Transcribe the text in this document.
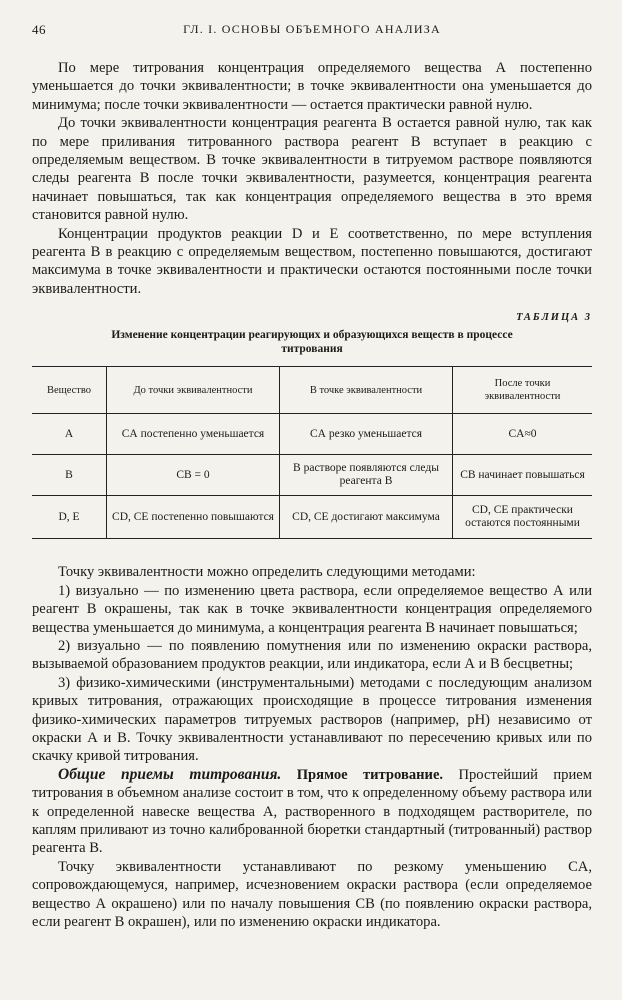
46	ГЛ. I. ОСНОВЫ ОБЪЕМНОГО АНАЛИЗА

По мере титрования концентрация определяемого вещества А постепенно уменьшается до точки эквивалентности; в точке эквивалентности она уменьшается до минимума; после точки эквивалентности — остается практически равной нулю.

До точки эквивалентности концентрация реагента В остается равной нулю, так как по мере приливания титрованного раствора реагент В вступает в реакцию с определяемым веществом. В точке эквивалентности в титруемом растворе появляются следы реагента В после точки эквивалентности, разумеется, концентрация реагента начинает повышаться, так как концентрация определяемого вещества в это время становится равной нулю.

Концентрации продуктов реакции D и Е соответственно, по мере вступления реагента В в реакцию с определяемым веществом, постепенно повышаются, достигают максимума в точке эквивалентности и практически остаются постоянными после точки эквивалентности.

ТАБЛИЦА 3
Изменение концентрации реагирующих и образующихся веществ в процессе титрования
Вещество	До точки эквивалентности	В точке эквивалентности	После точки эквивалентности
А	CА постепенно уменьшается	CА резко уменьшается	CА≈0
В	CВ = 0	В растворе появляются следы реагента В	CВ начинает повышаться
D, Е	CD, CЕ постепенно повышаются	CD, CЕ достигают максимума	CD, CЕ практически остаются постоянными

Точку эквивалентности можно определить следующими методами:

1) визуально — по изменению цвета раствора, если определяемое вещество А или реагент В окрашены, так как в точке эквивалентности концентрация определяемого вещества уменьшается до минимума, а концентрация реагента В начинает повышаться;

2) визуально — по появлению помутнения или по изменению окраски раствора, вызываемой образованием продуктов реакции, или индикатора, если А и В бесцветны;

3) физико-химическими (инструментальными) методами с последующим анализом кривых титрования, отражающих происходящие в процессе титрования изменения физико-химических параметров титруемых растворов (например, pH) независимо от окраски А и В. Точку эквивалентности устанавливают по пересечению кривых или по скачку кривой титрования.

Общие приемы титрования. Прямое титрование. Простейший прием титрования в объемном анализе состоит в том, что к определенному объему раствора или к определенной навеске вещества А, растворенного в подходящем растворителе, по каплям приливают из точно калиброванной бюретки стандартный (титрованный) раствор реагента В.

Точку эквивалентности устанавливают по резкому уменьшению CА, сопровождающемуся, например, исчезновением окраски раствора (если определяемое вещество А окрашено) или по началу повышения CВ (по появлению окраски раствора, если реагент В окрашен), или по изменению окраски индикатора.
